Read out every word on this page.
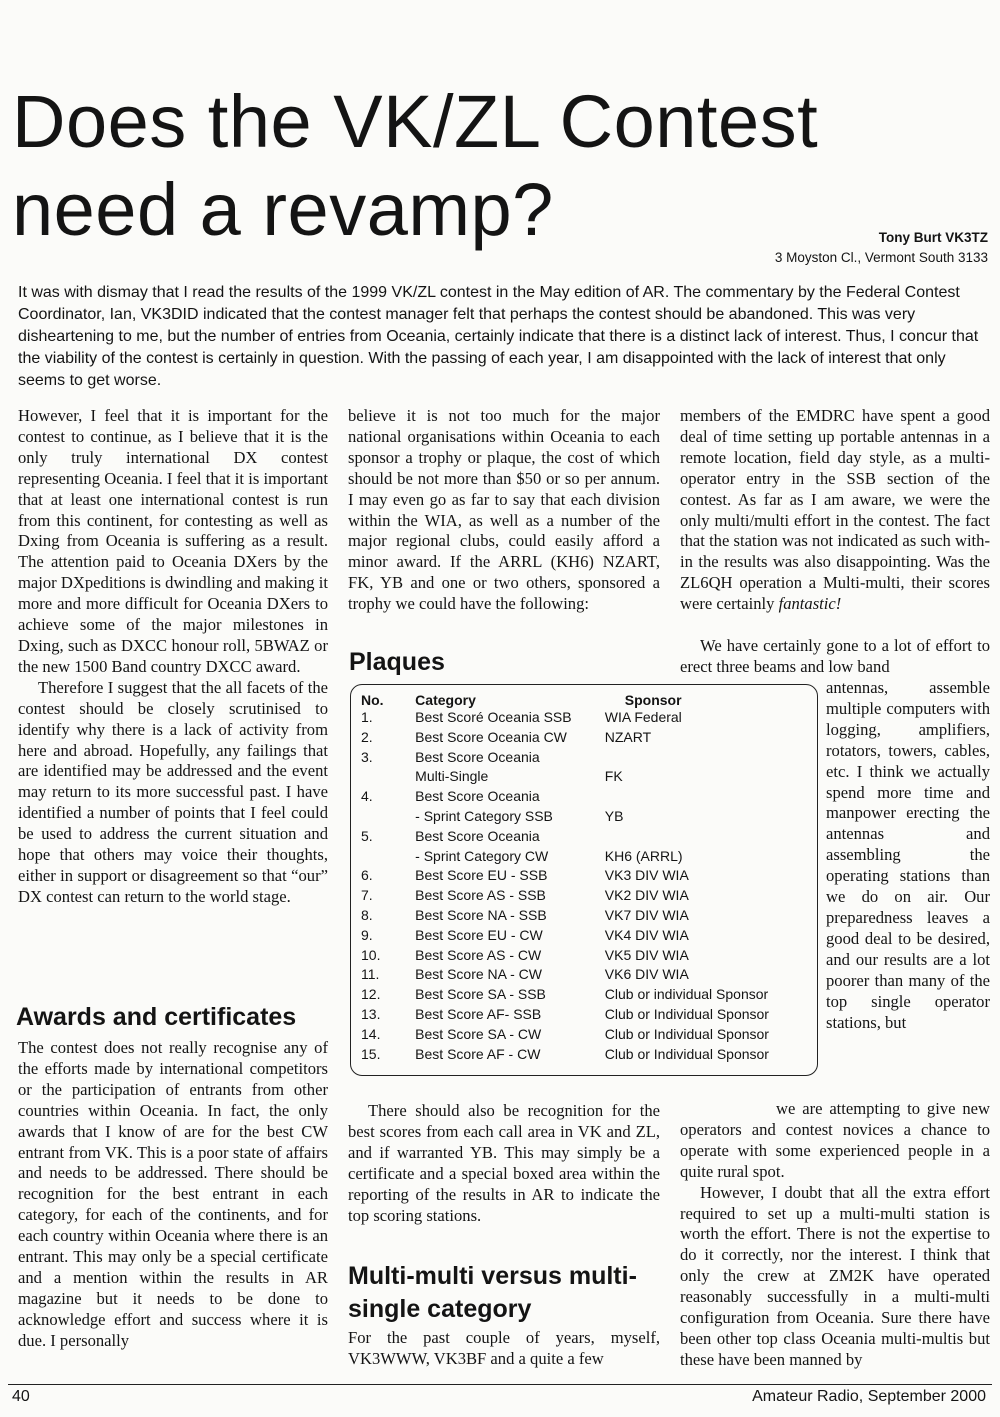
Does the VK/ZL Contest need a revamp?	Tony Burt VK3TZ
3 Moyston Cl., Vermont South 3133

It was with dismay that I read the results of the 1999 VK/ZL contest in the May edition of AR. The commentary by the Federal Contest Coordinator, Ian, VK3DID indicated that the contest manager felt that perhaps the contest should be abandoned. This was very disheartening to me, but the number of entries from Oceania, certainly indicate that there is a distinct lack of interest. Thus, I concur that the viability of the contest is certainly in question. With the passing of each year, I am disappointed with the lack of interest that only seems to get worse.

However, I feel that it is important for the contest to continue, as I believe that it is the only truly international DX contest representing Oceania. I feel that it is important that at least one international contest is run from this continent, for contesting as well as Dxing from Oceania is suffering as a result. The attention paid to Oceania DXers by the major DXpeditions is dwindling and making it more and more difficult for Oceania DXers to achieve some of the major milestones in Dxing, such as DXCC honour roll, 5BWAZ or the new 1500 Band country DXCC award.

Therefore I suggest that the all facets of the contest should be closely scrutinised to identify why there is a lack of activity from here and abroad. Hopefully, any failings that are identified may be addressed and the event may return to its more successful past. I have identified a number of points that I feel could be used to address the current situation and hope that others may voice their thoughts, either in support or disagreement so that “our” DX contest can return to the world stage.

Awards and certificates

The contest does not really recognise any of the efforts made by international competitors or the participation of entrants from other countries within Oceania. In fact, the only awards that I know of are for the best CW entrant from VK. This is a poor state of affairs and needs to be addressed. There should be recognition for the best entrant in each category, for each of the continents, and for each country within Oceania where there is an entrant. This may only be a special certificate and a mention within the results in AR magazine but it needs to be done to acknowledge effort and success where it is due. I personally

believe it is not too much for the major national organisations within Oceania to each sponsor a trophy or plaque, the cost of which should be not more than $50 or so per annum. I may even go as far to say that each division within the WIA, as well as a number of the major regional clubs, could easily afford a minor award. If the ARRL (KH6) NZART, FK, YB and one or two others, sponsored a trophy we could have the following:

Plaques
No.	Category	Sponsor
1.	Best Scoré Oceania SSB	WIA Federal
2.	Best Score Oceania CW	NZART
3.	Best Score Oceania	
	Multi-Single	FK
4.	Best Score Oceania	
	- Sprint Category SSB	YB
5.	Best Score Oceania	
	- Sprint Category CW	KH6 (ARRL)
6.	Best Score EU - SSB	VK3 DIV WIA
7.	Best Score AS - SSB	VK2 DIV WIA
8.	Best Score NA - SSB	VK7 DIV WIA
9.	Best Score EU - CW	VK4 DIV WIA
10.	Best Score AS - CW	VK5 DIV WIA
11.	Best Score NA - CW	VK6 DIV WIA
12.	Best Score SA - SSB	Club or individual Sponsor
13.	Best Score AF- SSB	Club or Individual Sponsor
14.	Best Score SA - CW	Club or Individual Sponsor
15.	Best Score AF - CW	Club or Individual Sponsor

There should also be recognition for the best scores from each call area in VK and ZL, and if warranted YB. This may simply be a certificate and a special boxed area within the reporting of the results in AR to indicate the top scoring stations.

Multi-multi versus multi-single category

For the past couple of years, myself, VK3WWW, VK3BF and a quite a few

members of the EMDRC have spent a good deal of time setting up portable antennas in a remote location, field day style, as a multi-operator entry in the SSB section of the contest. As far as I am aware, we were the only multi/multi effort in the contest. The fact that the station was not indicated as such with-in the results was also disappointing. Was the ZL6QH operation a Multi-multi, their scores were certainly fantastic!

We have certainly gone to a lot of effort to erect three beams and low band

antennas, assemble multiple computers with logging, amplifiers, rotators, towers, cables, etc. I think we actually spend more time and manpower erecting the antennas and assembling the operating stations than we do on air. Our preparedness leaves a good deal to be desired, and our results are a lot poorer than many of the top single operator stations, but

we are attempting to give new operators and contest novices a chance to operate with some experienced people in a quite rural spot.

However, I doubt that all the extra effort required to set up a multi-multi station is worth the effort. There is not the expertise to do it correctly, nor the interest. I think that only the crew at ZM2K have operated reasonably successfully in a multi-multi configuration from Oceania. Sure there have been other top class Oceania multi-multis but these have been manned by

40	Amateur Radio, September 2000
